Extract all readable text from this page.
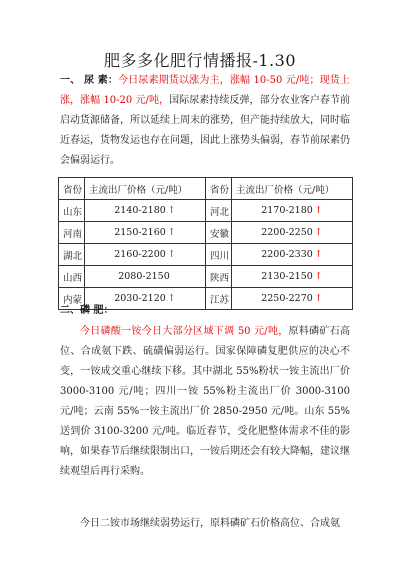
肥多多化肥行情播报-1.30

一、 尿 素：今日尿素期货以涨为主，涨幅 10-50 元/吨；现货上涨，涨幅 10-20 元/吨，国际尿素持续反弹，部分农业客户春节前启动货源储备，所以延续上周末的涨势，但产能持续放大，同时临近春运，货物发运也存在问题，因此上涨势头偏弱，春节前尿素仍会偏弱运行。

省份	主流出厂价格（元/吨）	省份	主流出厂价格（元/吨）
山东	2140-2180 ↑	河北	2170-2180 ↑
河南	2150-2160 ↑	安徽	2200-2250 ↑
湖北	2160-2200 ↑	四川	2200-2330 ↑
山西	2080-2150	陕西	2130-2150 ↑
内蒙	2030-2120 ↑	江苏	2250-2270 ↑

二、磷 肥：

今日磷酸一铵今日大部分区域下调 50 元/吨，原料磷矿石高位、合成氨下跌、硫磺偏弱运行。国家保障磷复肥供应的决心不变，一铵成交重心继续下移。其中湖北 55%粉状一铵主流出厂价 3000-3100 元/吨；四川一铵 55%粉主流出厂价 3000-3100 元/吨；云南 55%一铵主流出厂价 2850-2950 元/吨。山东 55%送到价 3100-3200 元/吨。临近春节，受化肥整体需求不佳的影响，如果春节后继续限制出口，一铵后期还会有较大降幅，建议继续观望后再行采购。

今日二铵市场继续弱势运行，原料磷矿石价格高位、合成氨
